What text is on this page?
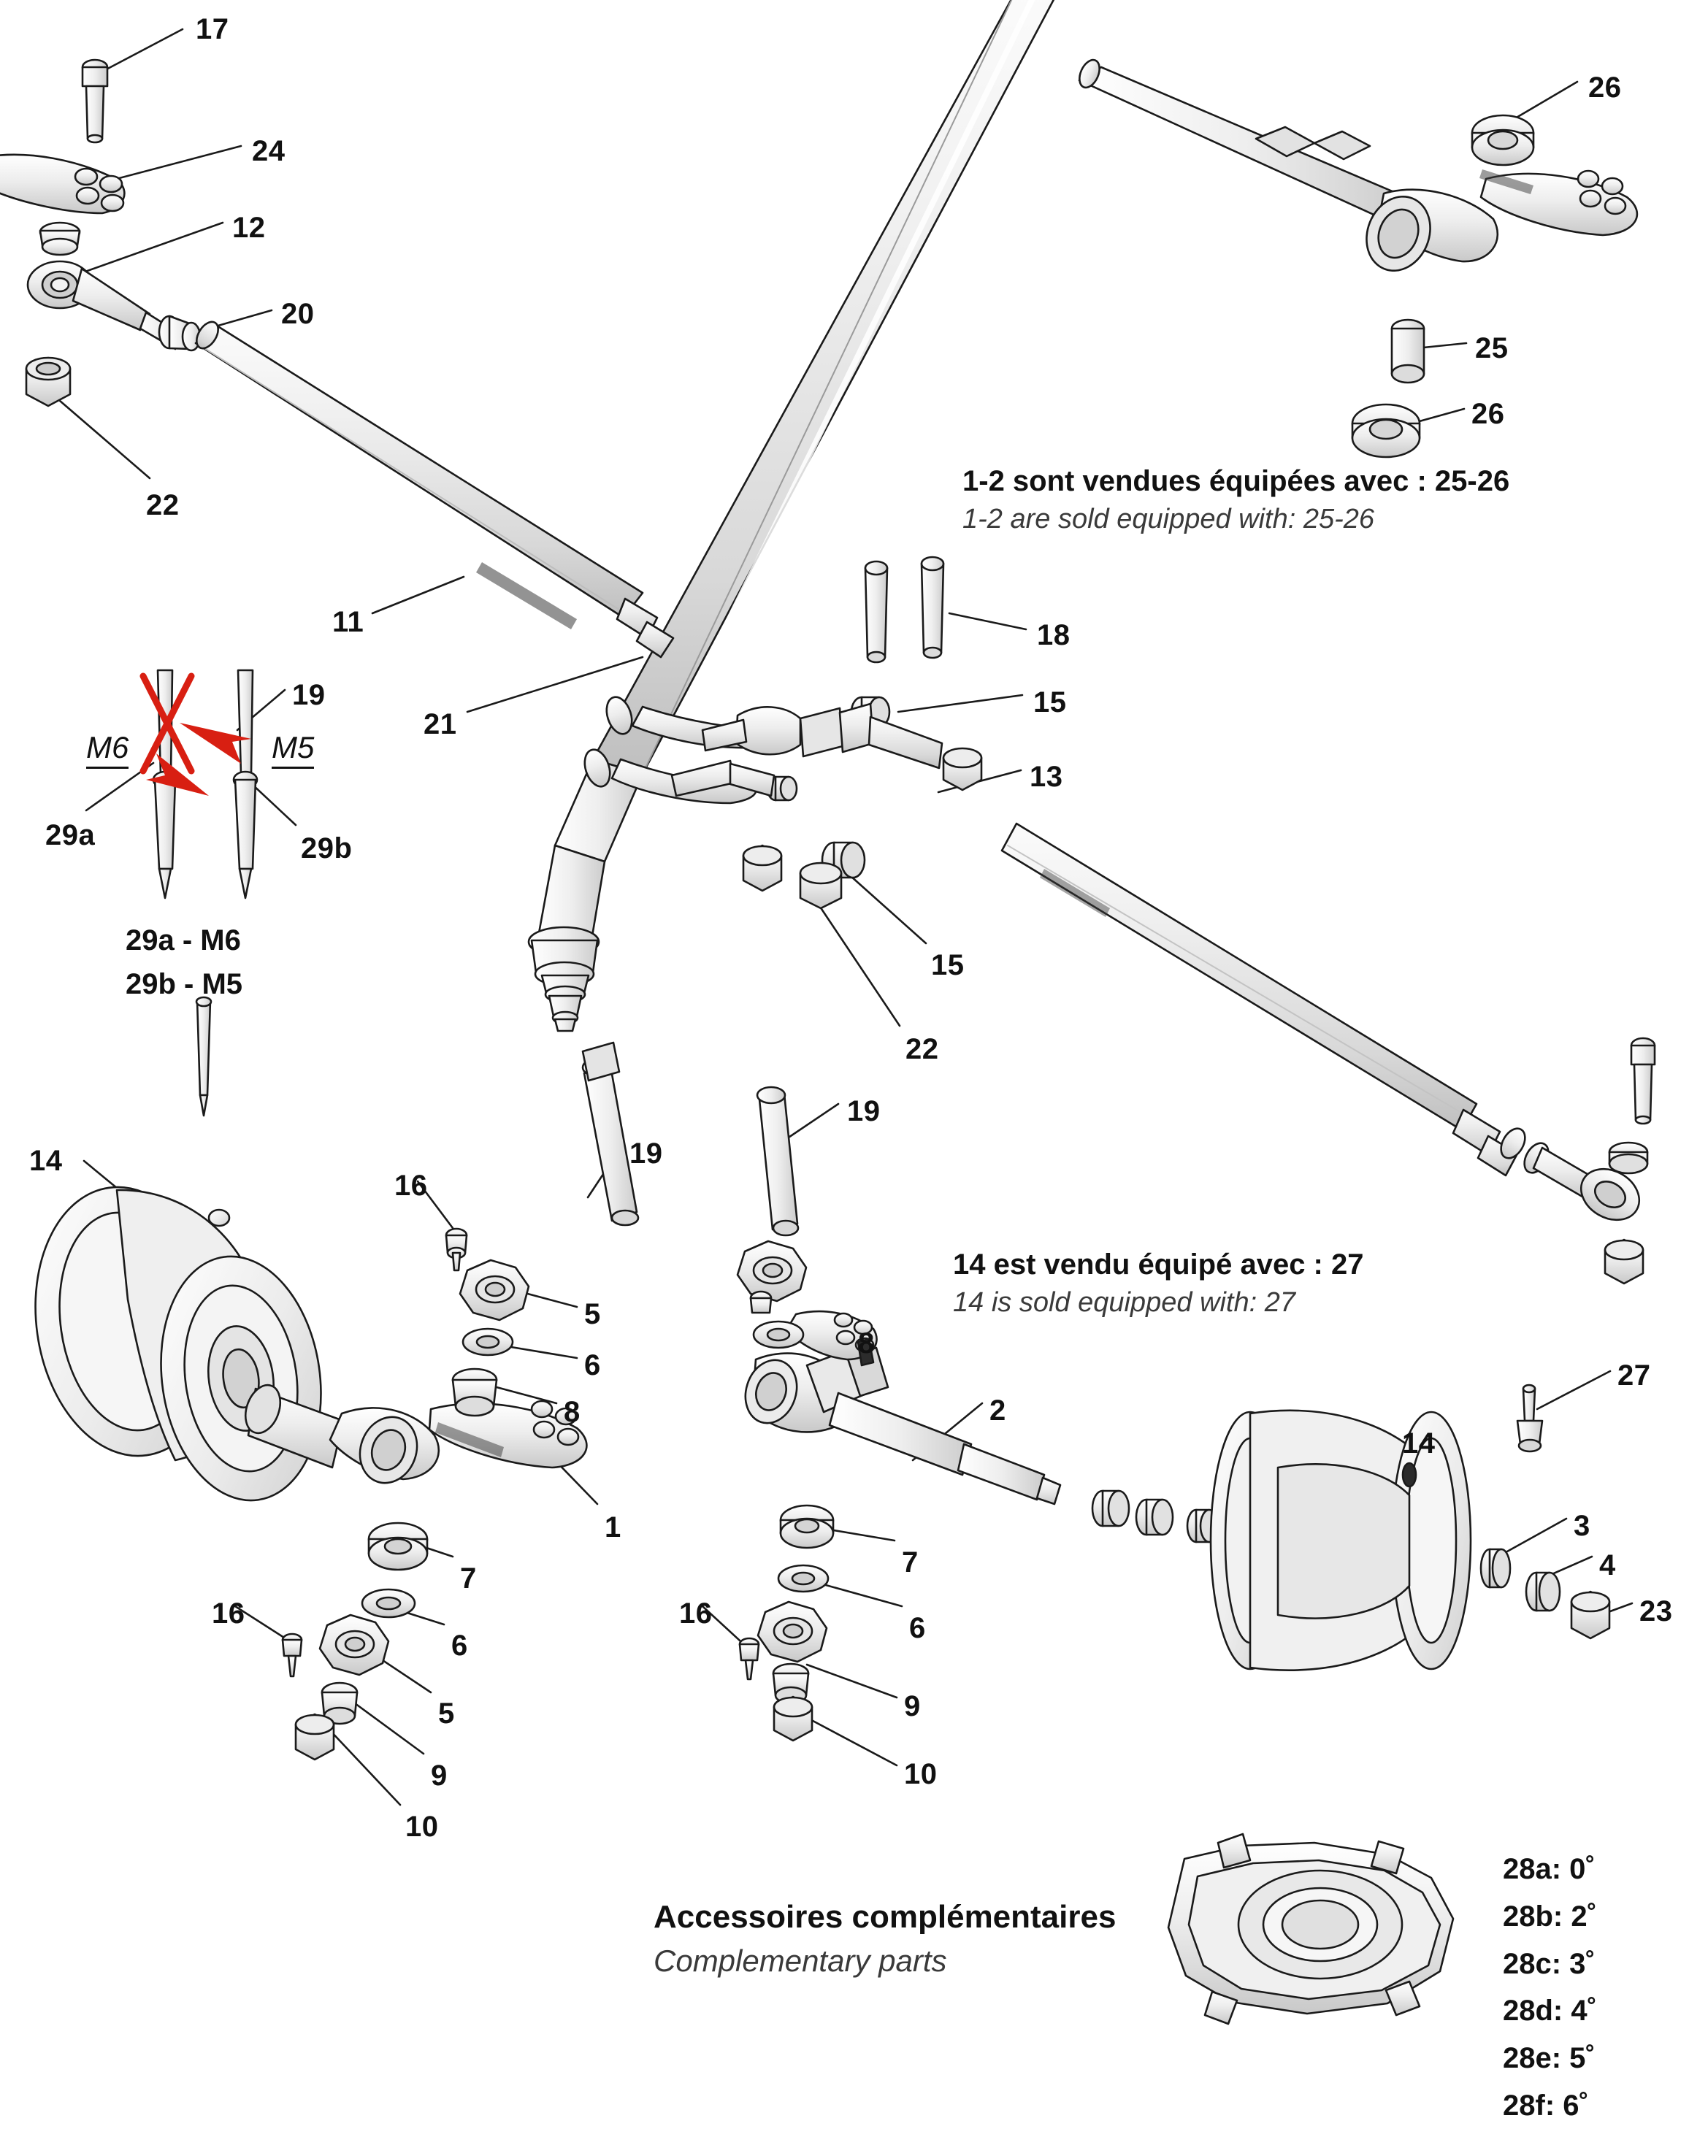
17
24
12
20
22
11
21
19
29a	29b
26
25
26
18
15
13
15
22
14
16
19
5
6
8
1
7
6
16
5
9
10
19
8
2
7
6
16
9
10
27
14
3
4
23
M6	M5
29a - M6
29b - M5
1-2 sont vendues équipées avec : 25-26
1-2 are sold equipped with: 25-26
14 est vendu équipé avec : 27
14 is sold equipped with: 27
Accessoires complémentaires
Complementary parts
28a: 0˚
28b: 2˚
28c: 3˚
28d: 4˚
28e: 5˚
28f: 6˚
